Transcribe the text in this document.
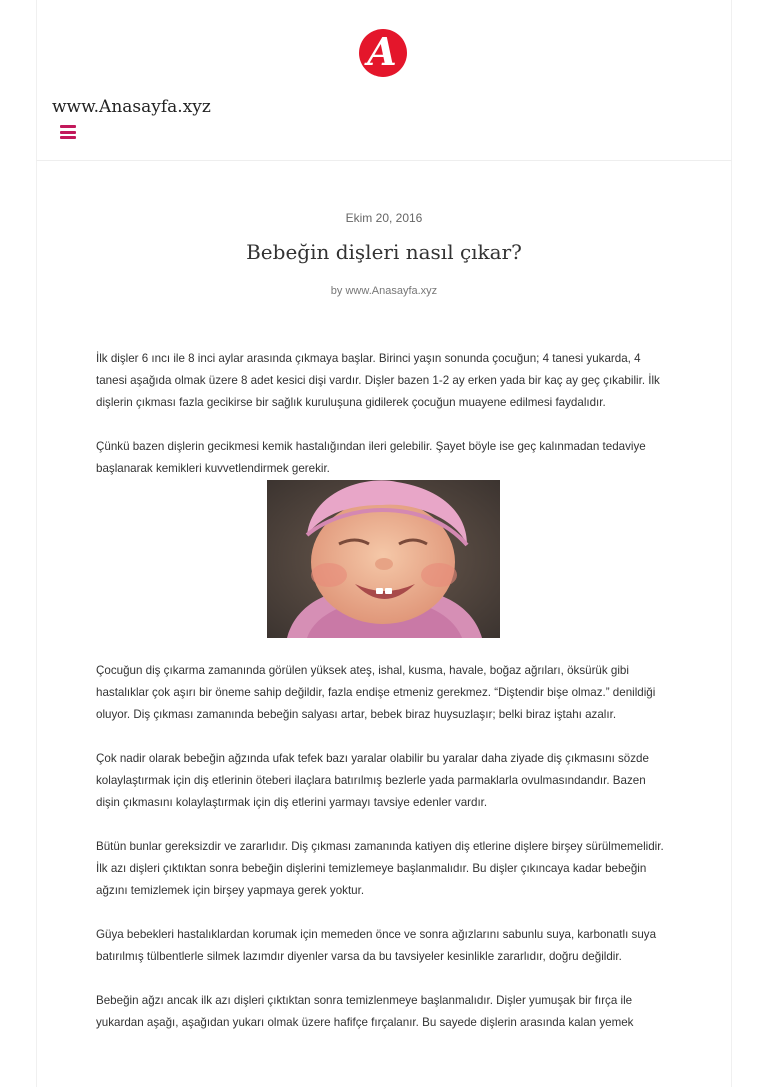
A
www.Anasayfa.xyz
Ekim 20, 2016
Bebeğin dişleri nasıl çıkar?
by www.Anasayfa.xyz

İlk dişler 6 ıncı ile 8 inci aylar arasında çıkmaya başlar. Birinci yaşın sonunda çocuğun; 4 tanesi yukarda, 4 tanesi aşağıda olmak üzere 8 adet kesici dişi vardır. Dişler bazen 1-2 ay erken yada bir kaç ay geç çıkabilir. İlk dişlerin çıkması fazla gecikirse bir sağlık kuruluşuna gidilerek çocuğun muayene edilmesi faydalıdır.

Çünkü bazen dişlerin gecikmesi kemik hastalığından ileri gelebilir. Şayet böyle ise geç kalınmadan tedaviye başlanarak kemikleri kuvvetlendirmek gerekir.

Çocuğun diş çıkarma zamanında görülen yüksek ateş, ishal, kusma, havale, boğaz ağrıları, öksürük gibi hastalıklar çok aşırı bir öneme sahip değildir, fazla endişe etmeniz gerekmez. “Diştendir bişe olmaz.” denildiği oluyor. Diş çıkması zamanında bebeğin salyası artar, bebek biraz huysuzlaşır; belki biraz iştahı azalır.

Çok nadir olarak bebeğin ağzında ufak tefek bazı yaralar olabilir bu yaralar daha ziyade diş çıkmasını sözde kolaylaştırmak için diş etlerinin öteberi ilaçlara batırılmış bezlerle yada parmaklarla ovulmasındandır. Bazen dişin çıkmasını kolaylaştırmak için diş etlerini yarmayı tavsiye edenler vardır.

Bütün bunlar gereksizdir ve zararlıdır. Diş çıkması zamanında katiyen diş etlerine dişlere birşey sürülmemelidir. İlk azı dişleri çıktıktan sonra bebeğin dişlerini temizlemeye başlanmalıdır. Bu dişler çıkıncaya kadar bebeğin ağzını temizlemek için birşey yapmaya gerek yoktur.

Güya bebekleri hastalıklardan korumak için memeden önce ve sonra ağızlarını sabunlu suya, karbonatlı suya batırılmış tülbentlerle silmek lazımdır diyenler varsa da bu tavsiyeler kesinlikle zararlıdır, doğru değildir.

Bebeğin ağzı ancak ilk azı dişleri çıktıktan sonra temizlenmeye başlanmalıdır. Dişler yumuşak bir fırça ile yukardan aşağı, aşağıdan yukarı olmak üzere hafifçe fırçalanır. Bu sayede dişlerin arasında kalan yemek
